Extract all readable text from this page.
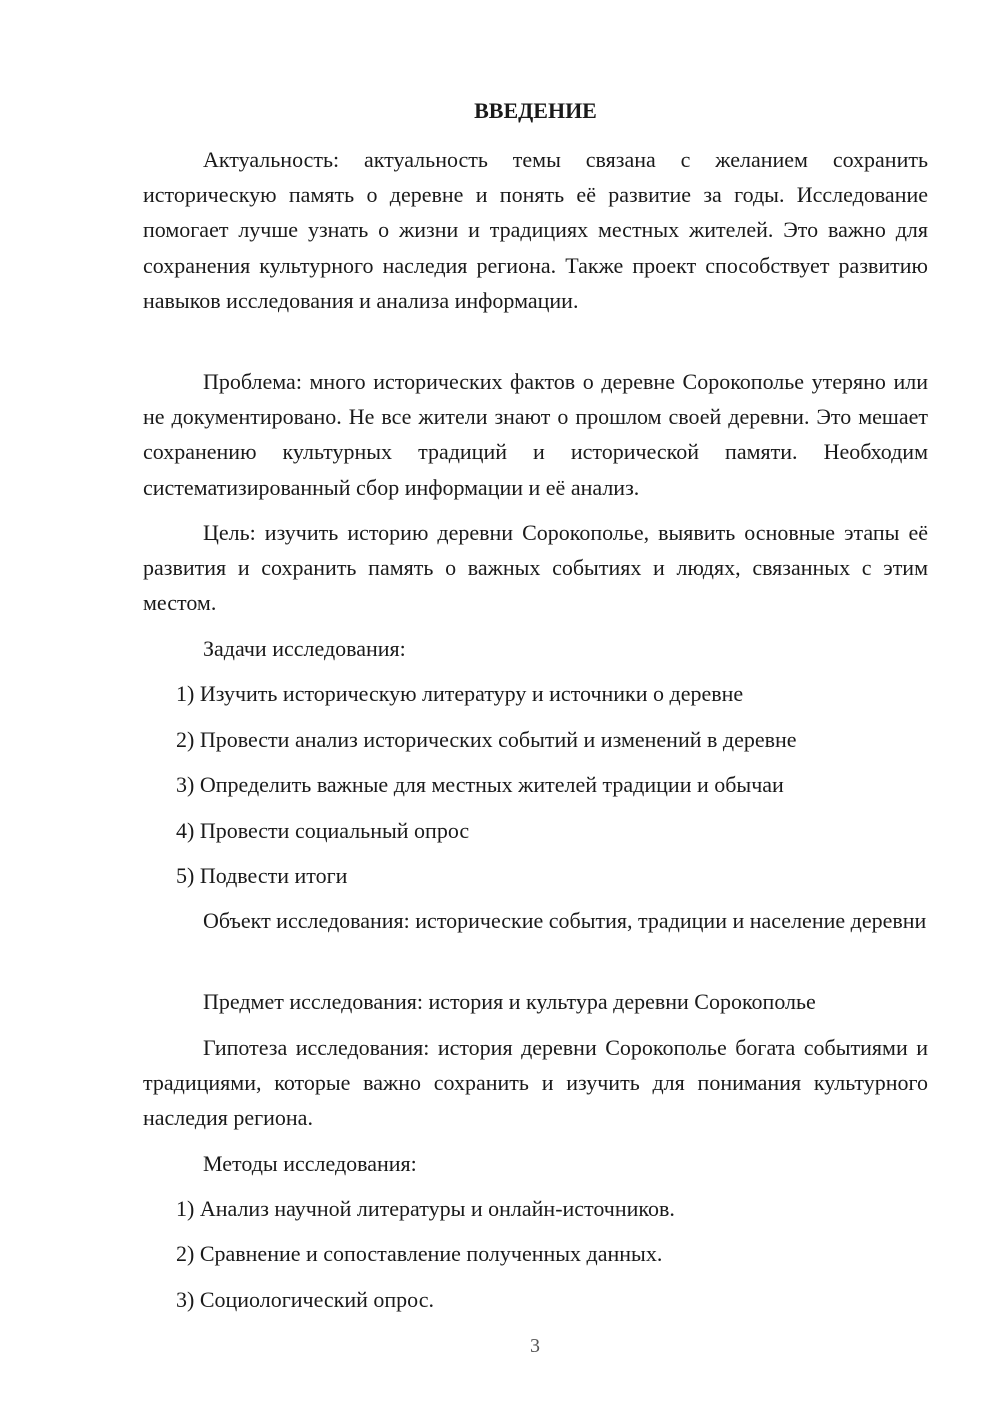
ВВЕДЕНИЕ

Актуальность: актуальность темы связана с желанием сохранить историческую память о деревне и понять её развитие за годы. Исследование помогает лучше узнать о жизни и традициях местных жителей. Это важно для сохранения культурного наследия региона. Также проект способствует развитию навыков исследования и анализа информации.

Проблема: много исторических фактов о деревне Сорокополье утеряно или не документировано. Не все жители знают о прошлом своей деревни. Это мешает сохранению культурных традиций и исторической памяти. Необходим систематизированный сбор информации и её анализ.

Цель: изучить историю деревни Сорокополье, выявить основные этапы её развития и сохранить память о важных событиях и людях, связанных с этим местом.

Задачи исследования:

1) Изучить историческую литературу и источники о деревне

2) Провести анализ исторических событий и изменений в деревне

3) Определить важные для местных жителей традиции и обычаи

4) Провести социальный опрос

5) Подвести итоги

Объект исследования: исторические события, традиции и население деревни

Предмет исследования: история и культура деревни Сорокополье

Гипотеза исследования: история деревни Сорокополье богата событиями и традициями, которые важно сохранить и изучить для понимания культурного наследия региона.

Методы исследования:

1) Анализ научной литературы и онлайн-источников.

2) Сравнение и сопоставление полученных данных.

3) Социологический опрос.

3
